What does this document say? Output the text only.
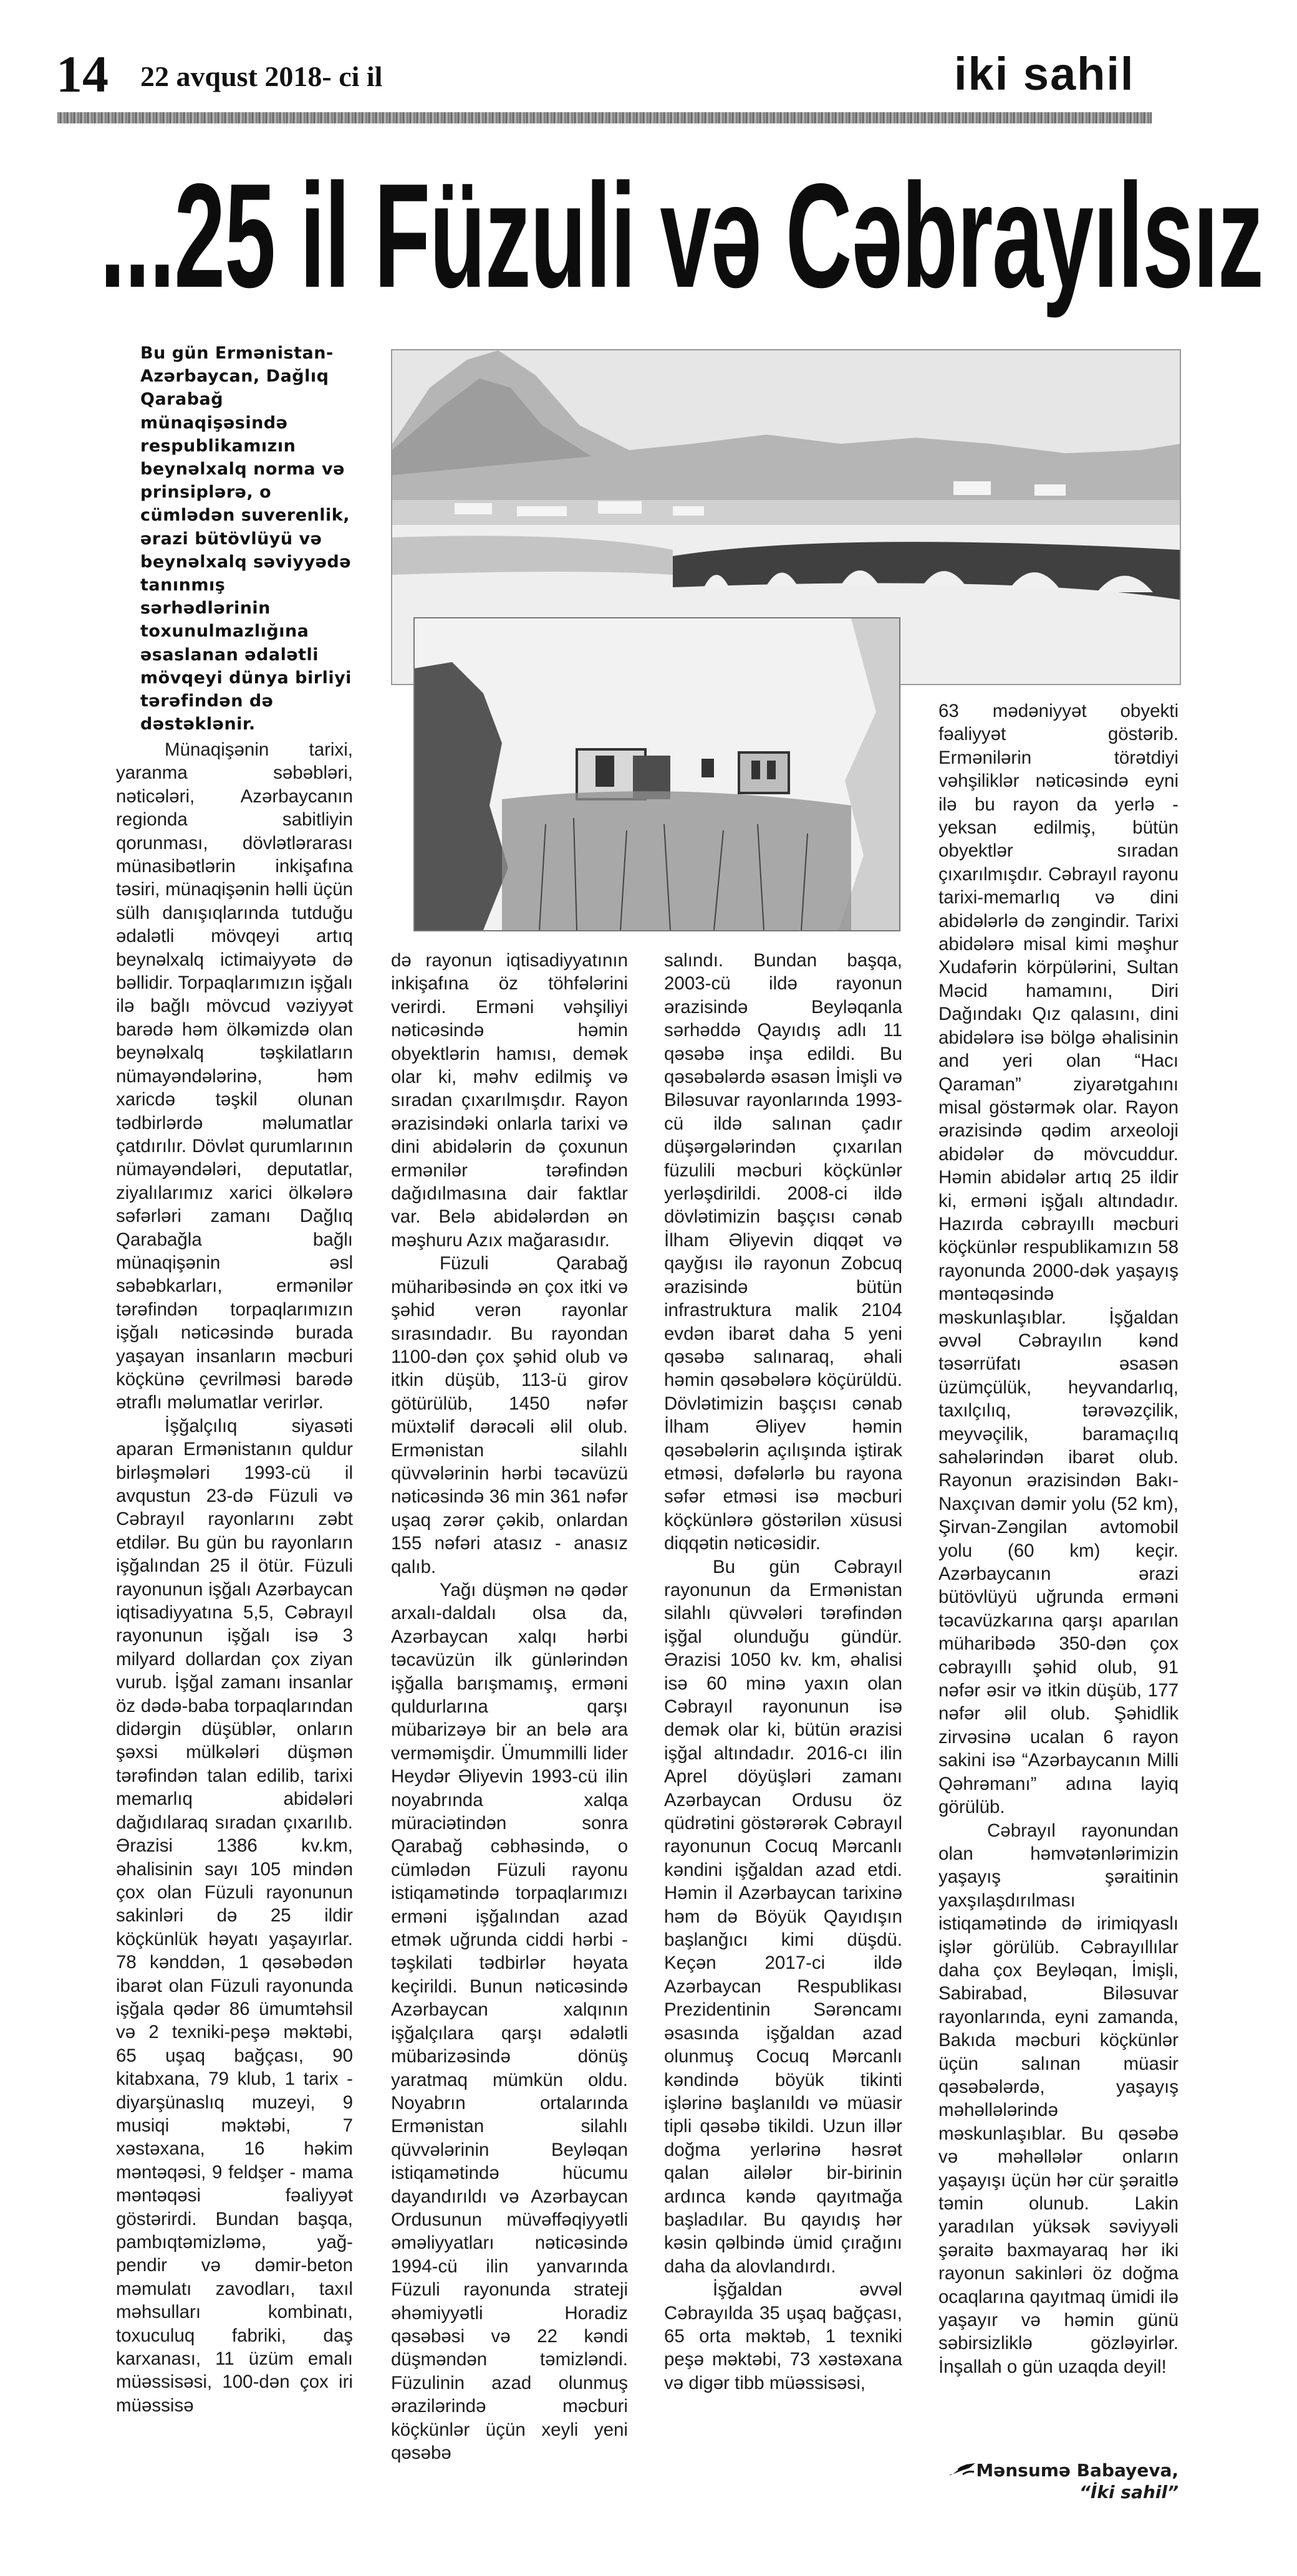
14 22 avqust 2018- ci il	iki sahil
...25 il Füzuli və Cəbrayılsız
Bu gün Ermənistan-Azərbaycan, Dağlıq Qarabağ münaqişəsində respublikamızın beynəlxalq norma və prinsiplərə, o cümlədən suverenlik, ərazi bütövlüyü və beynəlxalq səviyyədə tanınmış sərhədlərinin toxunulmazlığına əsaslanan ədalətli mövqeyi dünya birliyi tərəfindən də dəstəklənir.

Münaqişənin tarixi, yaranma səbəbləri, nəticələri, Azərbaycanın regionda sabitliyin qorunması, dövlətlərarası münasibətlərin inkişafına təsiri, münaqişənin həlli üçün sülh danışıqlarında tutduğu ədalətli mövqeyi artıq beynəlxalq ictimaiyyətə də bəllidir. Torpaqlarımızın işğalı ilə bağlı mövcud vəziyyət barədə həm ölkəmizdə olan beynəlxalq təşkilatların nümayəndələrinə, həm xaricdə təşkil olunan tədbirlərdə məlumatlar çatdırılır. Dövlət qurumlarının nümayəndələri, deputatlar, ziyalılarımız xarici ölkələrə səfərləri zamanı Dağlıq Qarabağla bağlı münaqişənin əsl səbəbkarları, ermənilər tərəfindən torpaqlarımızın işğalı nəticəsində burada yaşayan insanların məcburi köçkünə çevrilməsi barədə ətraflı məlumatlar verirlər.

İşğalçılıq siyasəti aparan Ermənistanın quldur birləşmələri 1993-cü il avqustun 23-də Füzuli və Cəbrayıl rayonlarını zəbt etdilər. Bu gün bu rayonların işğalından 25 il ötür. Füzuli rayonunun işğalı Azərbaycan iqtisadiyyatına 5,5, Cəbrayıl rayonunun işğalı isə 3 milyard dollardan çox ziyan vurub. İşğal zamanı insanlar öz dədə-baba torpaqlarından didərgin düşüblər, onların şəxsi mülkələri düşmən tərəfindən talan edilib, tarixi memarlıq abidələri dağıdılaraq sıradan çıxarılıb. Ərazisi 1386 kv.km, əhalisinin sayı 105 mindən çox olan Füzuli rayonunun sakinləri də 25 ildir köçkünlük həyatı yaşayırlar. 78 kənddən, 1 qəsəbədən ibarət olan Füzuli rayonunda işğala qədər 86 ümumtəhsil və 2 texniki-peşə məktəbi, 65 uşaq bağçası, 90 kitabxana, 79 klub, 1 tarix - diyarşünaslıq muzeyi, 9 musiqi məktəbi, 7 xəstəxana, 16 həkim məntəqəsi, 9 feldşer - mama məntəqəsi fəaliyyət göstərirdi. Bundan başqa, pambıqtəmizləmə, yağ-pendir və dəmir-beton məmulatı zavodları, taxıl məhsulları kombinatı, toxuculuq fabriki, daş karxanası, 11 üzüm emalı müəssisəsi, 100-dən çox iri müəssisə

də rayonun iqtisadiyyatının inkişafına öz töhfələrini verirdi. Erməni vəhşiliyi nəticəsində həmin obyektlərin hamısı, demək olar ki, məhv edilmiş və sıradan çıxarılmışdır. Rayon ərazisindəki onlarla tarixi və dini abidələrin də çoxunun ermənilər tərəfindən dağıdılmasına dair faktlar var. Belə abidələrdən ən məşhuru Azıx mağarasıdır.

Füzuli Qarabağ müharibəsində ən çox itki və şəhid verən rayonlar sırasındadır. Bu rayondan 1100-dən çox şəhid olub və itkin düşüb, 113-ü girov götürülüb, 1450 nəfər müxtəlif dərəcəli əlil olub. Ermənistan silahlı qüvvələrinin hərbi təcavüzü nəticəsində 36 min 361 nəfər uşaq zərər çəkib, onlardan 155 nəfəri atasız - anasız qalıb.

Yağı düşmən nə qədər arxalı-daldalı olsa da, Azərbaycan xalqı hərbi təcavüzün ilk günlərindən işğalla barışmamış, erməni quldurlarına qarşı mübarizəyə bir an belə ara verməmişdir. Ümummilli lider Heydər Əliyevin 1993-cü ilin noyabrında xalqa müraciətindən sonra Qarabağ cəbhəsində, o cümlədən Füzuli rayonu istiqamətində torpaqlarımızı erməni işğalından azad etmək uğrunda ciddi hərbi - təşkilati tədbirlər həyata keçirildi. Bunun nəticəsində Azərbaycan xalqının işğalçılara qarşı ədalətli mübarizəsində dönüş yaratmaq mümkün oldu. Noyabrın ortalarında Ermənistan silahlı qüvvələrinin Beyləqan istiqamətində hücumu dayandırıldı və Azərbaycan Ordusunun müvəffəqiyyətli əməliyyatları nəticəsində 1994-cü ilin yanvarında Füzuli rayonunda strateji əhəmiyyətli Horadiz qəsəbəsi və 22 kəndi düşməndən təmizləndi. Füzulinin azad olunmuş ərazilərində məcburi köçkünlər üçün xeyli yeni qəsəbə

salındı. Bundan başqa, 2003-cü ildə rayonun ərazisində Beyləqanla sərhəddə Qayıdış adlı 11 qəsəbə inşa edildi. Bu qəsəbələrdə əsasən İmişli və Biləsuvar rayonlarında 1993-cü ildə salınan çadır düşərgələrindən çıxarılan füzulili məcburi köçkünlər yerləşdirildi. 2008-ci ildə dövlətimizin başçısı cənab İlham Əliyevin diqqət və qayğısı ilə rayonun Zobcuq ərazisində bütün infrastruktura malik 2104 evdən ibarət daha 5 yeni qəsəbə salınaraq, əhali həmin qəsəbələrə köçürüldü. Dövlətimizin başçısı cənab İlham Əliyev həmin qəsəbələrin açılışında iştirak etməsi, dəfələrlə bu rayona səfər etməsi isə məcburi köçkünlərə göstərilən xüsusi diqqətin nəticəsidir.

Bu gün Cəbrayıl rayonunun da Ermənistan silahlı qüvvələri tərəfindən işğal olunduğu gündür. Ərazisi 1050 kv. km, əhalisi isə 60 minə yaxın olan Cəbrayıl rayonunun isə demək olar ki, bütün ərazisi işğal altındadır. 2016-cı ilin Aprel döyüşləri zamanı Azərbaycan Ordusu öz qüdrətini göstərərək Cəbrayıl rayonunun Cocuq Mərcanlı kəndini işğaldan azad etdi. Həmin il Azərbaycan tarixinə həm də Böyük Qayıdışın başlanğıcı kimi düşdü. Keçən 2017-ci ildə Azərbaycan Respublikası Prezidentinin Sərəncamı əsasında işğaldan azad olunmuş Cocuq Mərcanlı kəndində böyük tikinti işlərinə başlanıldı və müasir tipli qəsəbə tikildi. Uzun illər doğma yerlərinə həsrət qalan ailələr bir-birinin ardınca kəndə qayıtmağa başladılar. Bu qayıdış hər kəsin qəlbində ümid çırağını daha da alovlandırdı.

İşğaldan əvvəl Cəbrayılda 35 uşaq bağçası, 65 orta məktəb, 1 texniki peşə məktəbi, 73 xəstəxana və digər tibb müəssisəsi,

63 mədəniyyət obyekti fəaliyyət göstərib. Ermənilərin törətdiyi vəhşiliklər nəticəsində eyni ilə bu rayon da yerlə - yeksan edilmiş, bütün obyektlər sıradan çıxarılmışdır. Cəbrayıl rayonu tarixi-memarlıq və dini abidələrlə də zəngindir. Tarixi abidələrə misal kimi məşhur Xudafərin körpülərini, Sultan Məcid hamamını, Diri Dağındakı Qız qalasını, dini abidələrə isə bölgə əhalisinin and yeri olan “Hacı Qaraman” ziyarətgahını misal göstərmək olar. Rayon ərazisində qədim arxeoloji abidələr də mövcuddur. Həmin abidələr artıq 25 ildir ki, erməni işğalı altındadır. Hazırda cəbrayıllı məcburi köçkünlər respublikamızın 58 rayonunda 2000-dək yaşayış məntəqəsində məskunlaşıblar. İşğaldan əvvəl Cəbrayılın kənd təsərrüfatı əsasən üzümçülük, heyvandarlıq, taxılçılıq, tərəvəzçilik, meyvəçilik, baramaçılıq sahələrindən ibarət olub. Rayonun ərazisindən Bakı-Naxçıvan dəmir yolu (52 km), Şirvan-Zəngilan avtomobil yolu (60 km) keçir. Azərbaycanın ərazi bütövlüyü uğrunda erməni təcavüzkarına qarşı aparılan müharibədə 350-dən çox cəbrayıllı şəhid olub, 91 nəfər əsir və itkin düşüb, 177 nəfər əlil olub. Şəhidlik zirvəsinə ucalan 6 rayon sakini isə “Azərbaycanın Milli Qəhrəmanı” adına layiq görülüb.

Cəbrayıl rayonundan olan həmvətənlərimizin yaşayış şəraitinin yaxşılaşdırılması istiqamətində də irimiqyaslı işlər görülüb. Cəbrayıllılar daha çox Beyləqan, İmişli, Sabirabad, Biləsuvar rayonlarında, eyni zamanda, Bakıda məcburi köçkünlər üçün salınan müasir qəsəbələrdə, yaşayış məhəllələrində məskunlaşıblar. Bu qəsəbə və məhəllələr onların yaşayışı üçün hər cür şəraitlə təmin olunub. Lakin yaradılan yüksək səviyyəli şəraitə baxmayaraq hər iki rayonun sakinləri öz doğma ocaqlarına qayıtmaq ümidi ilə yaşayır və həmin günü səbirsizliklə gözləyirlər. İnşallah o gün uzaqda deyil!

Mənsumə Babayeva,
“İki sahil”
